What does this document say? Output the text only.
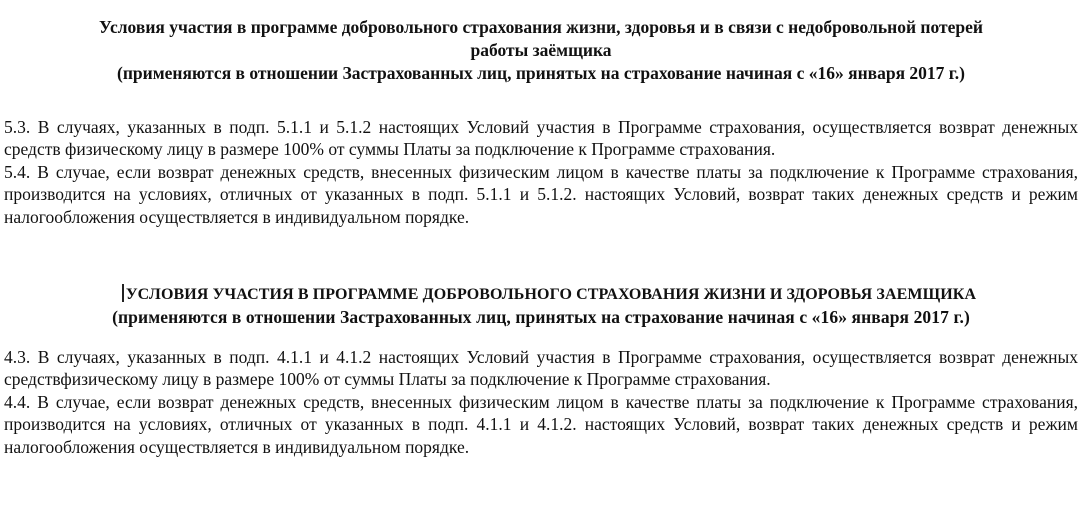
Условия участия в программе добровольного страхования жизни, здоровья и в связи с недобровольной потерей

работы заёмщика

(применяются в отношении Застрахованных лиц, принятых на страхование начиная с «16» января 2017 г.)

5.3. В случаях, указанных в подп. 5.1.1 и 5.1.2 настоящих Условий участия в Программе страхования, осуществляется возврат денежных средств физическому лицу в размере 100% от суммы Платы за подключение к Программе страхования.

5.4. В случае, если возврат денежных средств, внесенных физическим лицом в качестве платы за подключение к Программе страхования, производится на условиях, отличных от указанных в подп. 5.1.1 и 5.1.2. настоящих Условий, возврат таких денежных средств и режим налогообложения осуществляется в индивидуальном порядке.

УСЛОВИЯ УЧАСТИЯ В ПРОГРАММЕ ДОБРОВОЛЬНОГО СТРАХОВАНИЯ ЖИЗНИ И ЗДОРОВЬЯ ЗАЕМЩИКА

(применяются в отношении Застрахованных лиц, принятых на страхование начиная с «16» января 2017 г.)

4.3. В случаях, указанных в подп. 4.1.1 и 4.1.2 настоящих Условий участия в Программе страхования, осуществляется возврат денежных средствфизическому лицу в размере 100% от суммы Платы за подключение к Программе страхования.

4.4. В случае, если возврат денежных средств, внесенных физическим лицом в качестве платы за подключение к Программе страхования, производится на условиях, отличных от указанных в подп. 4.1.1 и 4.1.2. настоящих Условий, возврат таких денежных средств и режим налогообложения осуществляется в индивидуальном порядке.
